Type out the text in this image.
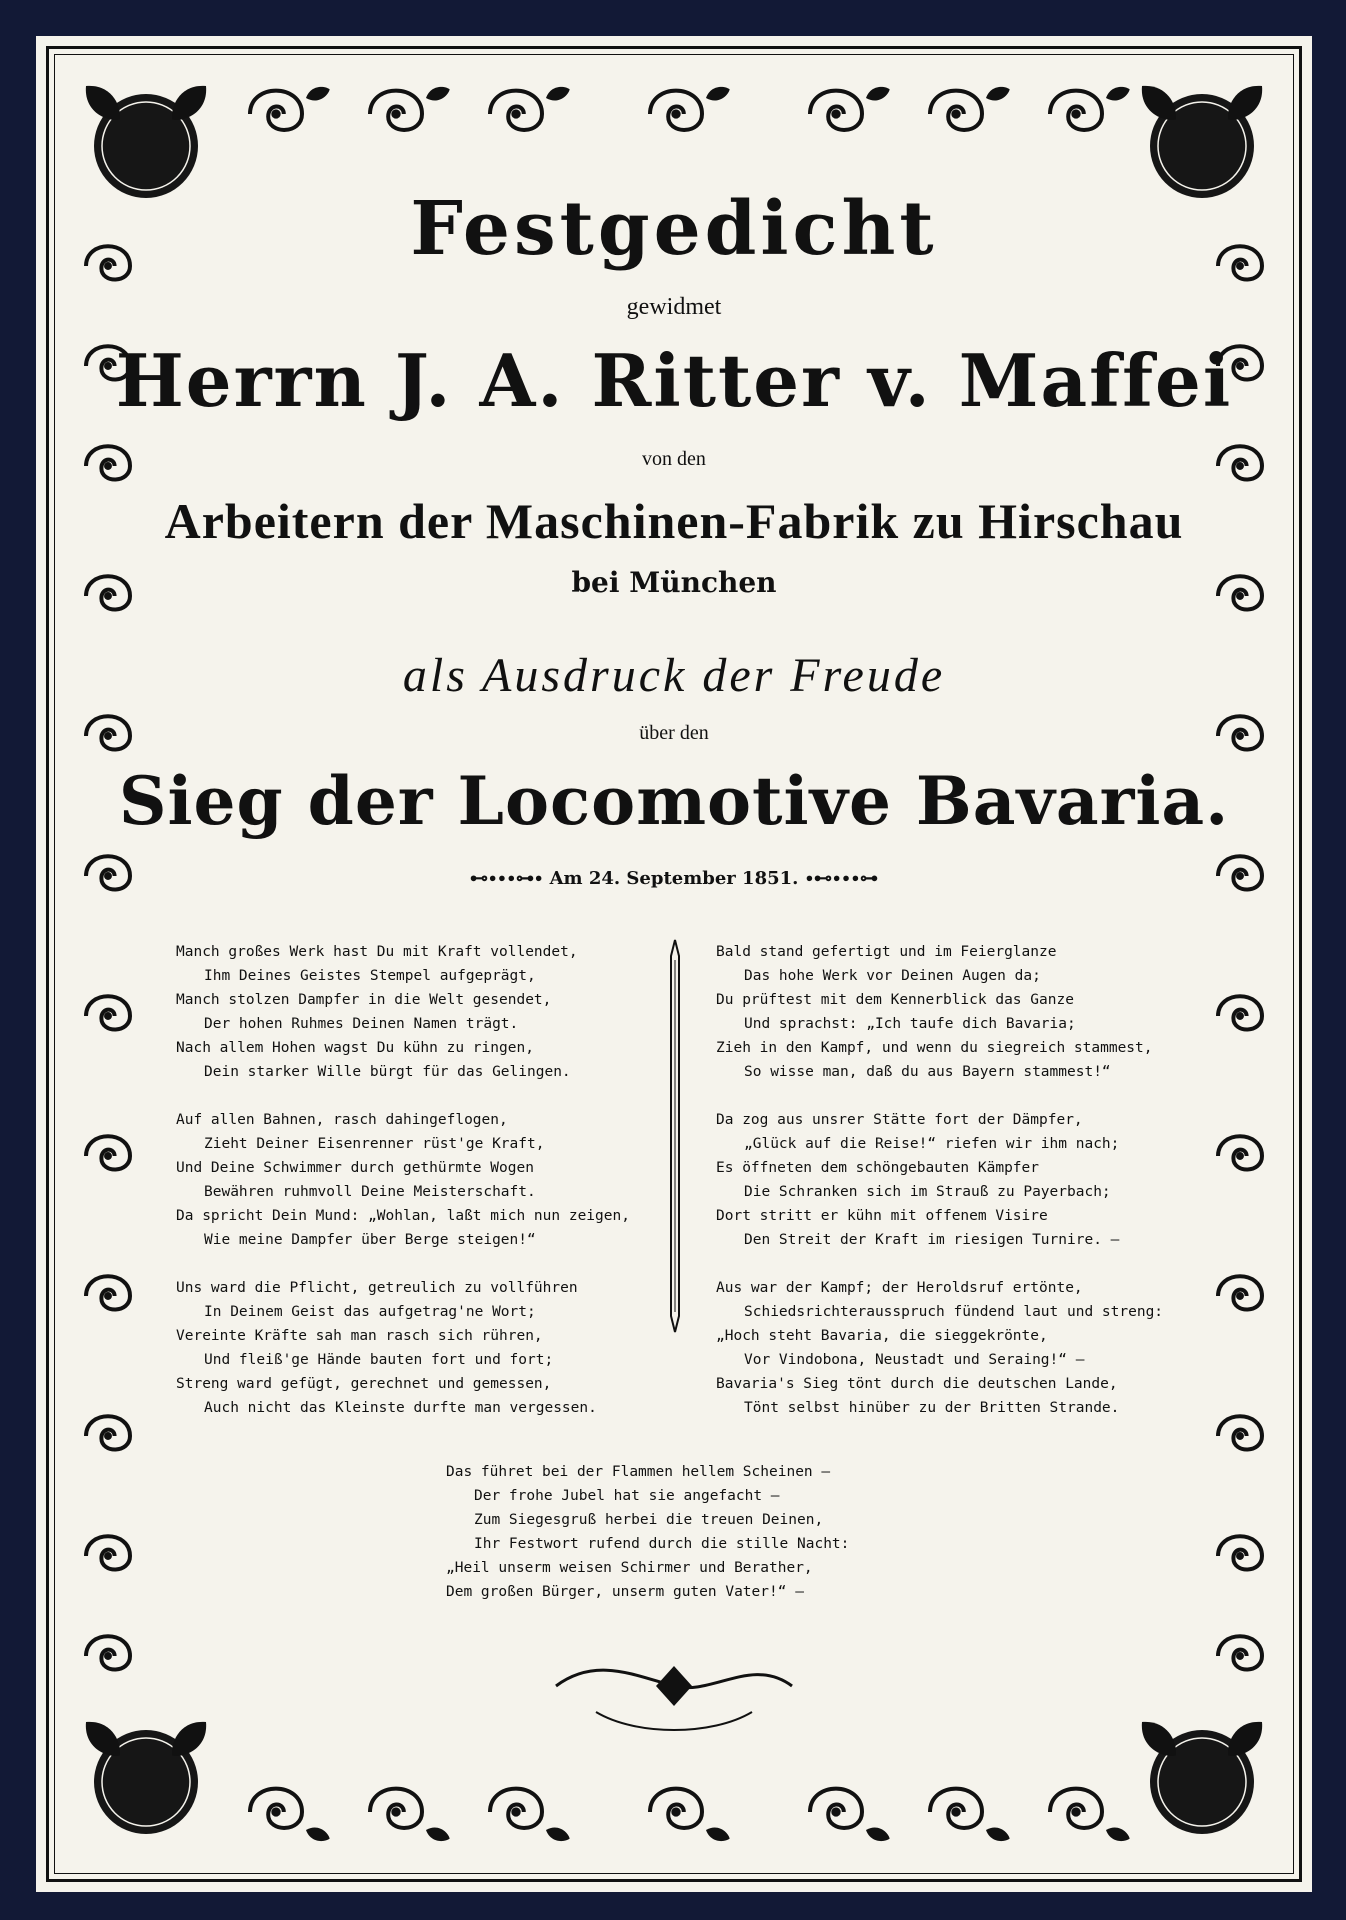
Festgedicht
gewidmet
Herrn J. A. Ritter v. Maffei
von den
Arbeitern der Maschinen-Fabrik zu Hirschau
bei München
als Ausdruck der Freude
über den
Sieg der Locomotive Bavaria.
⊷∙∙∙⊶∙ Am 24. September 1851. ∙⊷∙∙∙⊶
Manch großes Werk hast Du mit Kraft vollendet,
Ihm Deines Geistes Stempel aufgeprägt,
Manch stolzen Dampfer in die Welt gesendet,
Der hohen Ruhmes Deinen Namen trägt.
Nach allem Hohen wagst Du kühn zu ringen,
Dein starker Wille bürgt für das Gelingen.
Auf allen Bahnen, rasch dahingeflogen,
Zieht Deiner Eisenrenner rüst'ge Kraft,
Und Deine Schwimmer durch gethürmte Wogen
Bewähren ruhmvoll Deine Meisterschaft.
Da spricht Dein Mund: „Wohlan, laßt mich nun zeigen,
Wie meine Dampfer über Berge steigen!“
Uns ward die Pflicht, getreulich zu vollführen
In Deinem Geist das aufgetrag'ne Wort;
Vereinte Kräfte sah man rasch sich rühren,
Und fleiß'ge Hände bauten fort und fort;
Streng ward gefügt, gerechnet und gemessen,
Auch nicht das Kleinste durfte man vergessen.
Bald stand gefertigt und im Feierglanze
Das hohe Werk vor Deinen Augen da;
Du prüftest mit dem Kennerblick das Ganze
Und sprachst: „Ich taufe dich Bavaria;
Zieh in den Kampf, und wenn du siegreich stammest,
So wisse man, daß du aus Bayern stammest!“
Da zog aus unsrer Stätte fort der Dämpfer,
„Glück auf die Reise!“ riefen wir ihm nach;
Es öffneten dem schöngebauten Kämpfer
Die Schranken sich im Strauß zu Payerbach;
Dort stritt er kühn mit offenem Visire
Den Streit der Kraft im riesigen Turnire. —
Aus war der Kampf; der Heroldsruf ertönte,
Schiedsrichterausspruch fündend laut und streng:
„Hoch steht Bavaria, die sieggekrönte,
Vor Vindobona, Neustadt und Seraing!“ —
Bavaria's Sieg tönt durch die deutschen Lande,
Tönt selbst hinüber zu der Britten Strande.
Das führet bei der Flammen hellem Scheinen —
Der frohe Jubel hat sie angefacht —
Zum Siegesgruß herbei die treuen Deinen,
Ihr Festwort rufend durch die stille Nacht:
„Heil unserm weisen Schirmer und Berather,
Dem großen Bürger, unserm guten Vater!“ —
